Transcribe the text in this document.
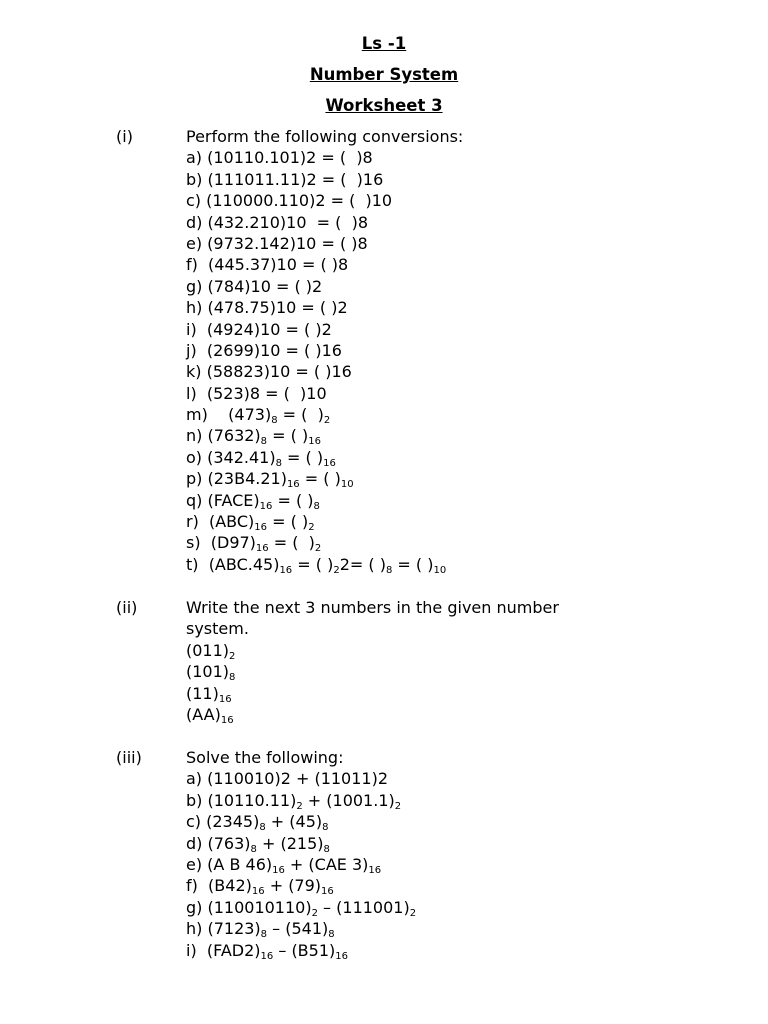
Ls -1
Number System
Worksheet 3
(i)	Perform the following conversions:
a) (10110.101)2 = (  )8
b) (111011.11)2 = (  )16
c) (110000.110)2 = (  )10
d) (432.210)10  = (  )8
e) (9732.142)10 = ( )8
f)  (445.37)10 = ( )8
g) (784)10 = ( )2
h) (478.75)10 = ( )2
i)  (4924)10 = ( )2
j)  (2699)10 = ( )16
k) (58823)10 = ( )16
l)  (523)8 = (  )10
m)    $(473)_8$ = (  )$_2$
n) $(7632)_8$ = ( )$_{16}$
o) $(342.41)_8$ = ( )$_{16}$
p) $(23B4.21)_{16}$ = ( )$_{10}$
q) $(FACE)_{16}$ = ( )$_8$
r)  $(ABC)_{16}$ = ( )$_2$
s)  $(D97)_{16}$ = (  )$_2$
t)  $(ABC.45)_{16}$ = ( )$_22=$ ( )$_8$ = ( )$_{10}$
(ii)	Write the next 3 numbers in the given number system.
$(011)_2$
$(101)_8$
$(11)_{16}$
$(AA)_{16}$
(iii)	Solve the following:
a) (110010)2 + (11011)2
b) $(10110.11)_2 + (1001.1)_2$
c) $(2345)_8 + (45)_8$
d) $(763)_8 + (215)_8$
e) (A B $46)_{16} + (CAE$ $3)_{16}$
f)  $(B42)_{16} + (79)_{16}$
g) $(110010110)_2 - (111001)_2$
h) $(7123)_8 - (541)_8$
i)  $(FAD2)_{16} - (B51)_{16}$
